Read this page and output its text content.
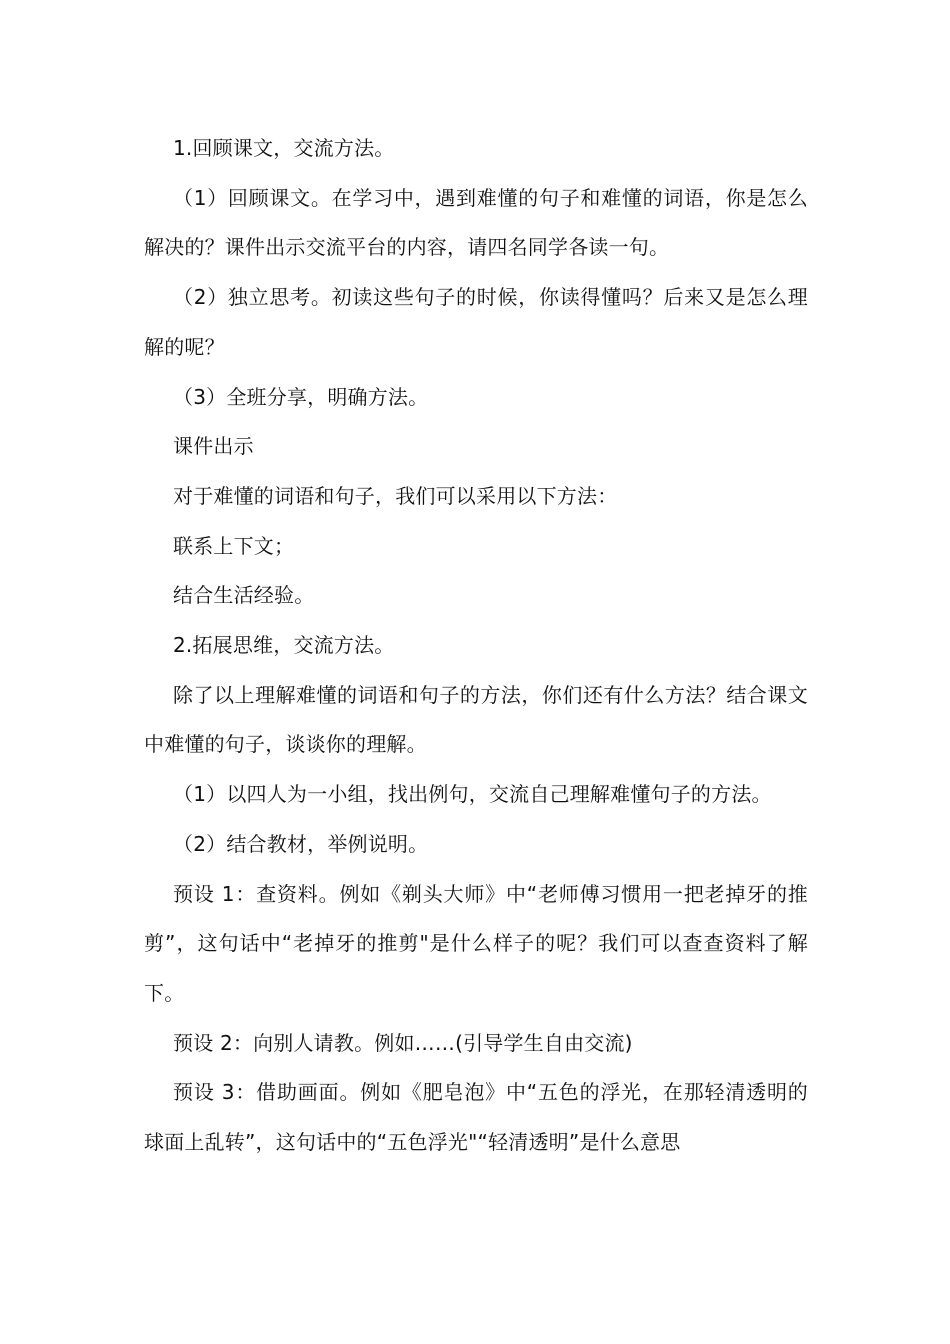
1.回顾课文，交流方法。

（1）回顾课文。在学习中，遇到难懂的句子和难懂的词语，你是怎么解决的？课件出示交流平台的内容，请四名同学各读一句。

（2）独立思考。初读这些句子的时候，你读得懂吗？后来又是怎么理解的呢？

（3）全班分享，明确方法。

课件出示

对于难懂的词语和句子，我们可以采用以下方法：

联系上下文；

结合生活经验。

2.拓展思维，交流方法。

除了以上理解难懂的词语和句子的方法，你们还有什么方法？结合课文中难懂的句子，谈谈你的理解。

（1）以四人为一小组，找出例句，交流自己理解难懂句子的方法。

（2）结合教材，举例说明。

预设 1：查资料。例如《剃头大师》中“老师傅习惯用一把老掉牙的推剪”，这句话中“老掉牙的推剪"是什么样子的呢？我们可以查查资料了解下。

预设 2：向别人请教。例如……(引导学生自由交流)

预设 3：借助画面。例如《肥皂泡》中“五色的浮光，在那轻清透明的球面上乱转”，这句话中的“五色浮光"“轻清透明”是什么意思
